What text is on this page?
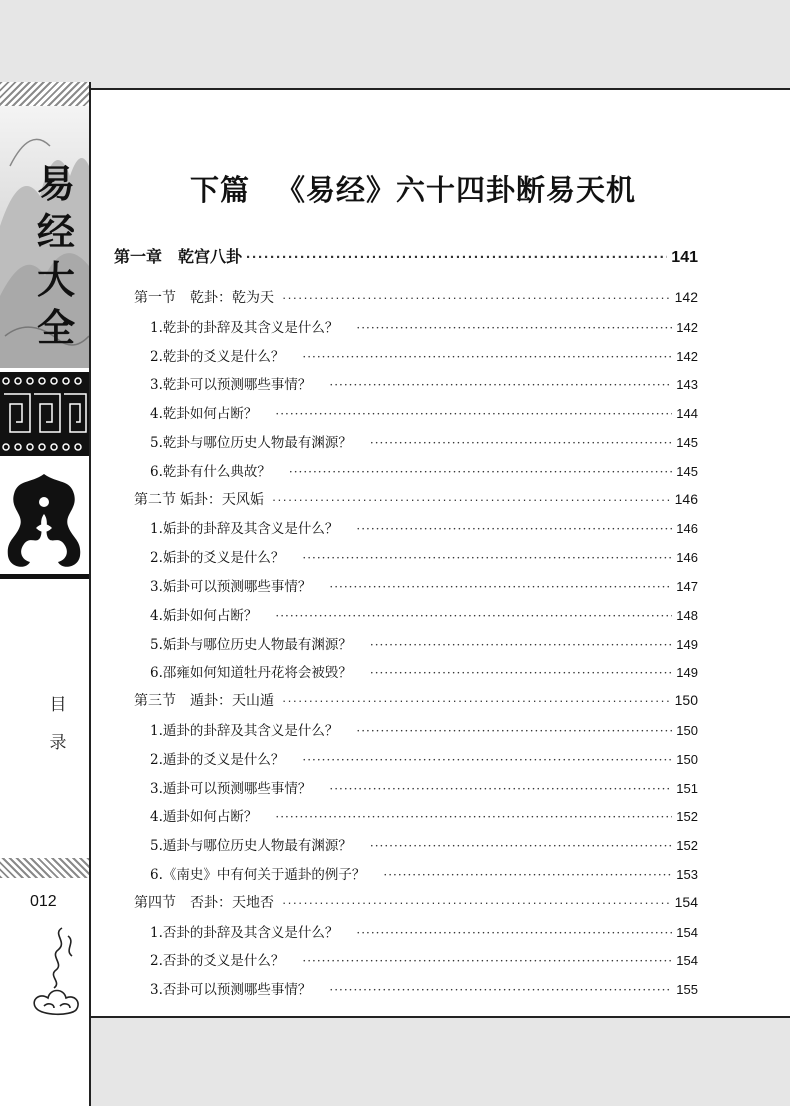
易
经
大
全
目
录
012
下篇 《易经》六十四卦断易天机
第一章　乾宫八卦 ·····	141
第一节　乾卦：乾为天 ·····	142
1.乾卦的卦辞及其含义是什么？ ·····	142
2.乾卦的爻义是什么？ ·····	142
3.乾卦可以预测哪些事情？ ·····	143
4.乾卦如何占断？ ·····	144
5.乾卦与哪位历史人物最有渊源？ ·····	145
6.乾卦有什么典故？ ·····	145
第二节 姤卦：天风姤 ·····	146
1.姤卦的卦辞及其含义是什么？ ·····	146
2.姤卦的爻义是什么？ ·····	146
3.姤卦可以预测哪些事情？ ·····	147
4.姤卦如何占断？ ·····	148
5.姤卦与哪位历史人物最有渊源？ ·····	149
6.邵雍如何知道牡丹花将会被毁？ ·····	149
第三节　遁卦：天山遁 ·····	150
1.遁卦的卦辞及其含义是什么？ ·····	150
2.遁卦的爻义是什么？ ·····	150
3.遁卦可以预测哪些事情？ ·····	151
4.遁卦如何占断？ ·····	152
5.遁卦与哪位历史人物最有渊源？ ·····	152
6.《南史》中有何关于遁卦的例子？ ·····	153
第四节　否卦：天地否 ·····	154
1.否卦的卦辞及其含义是什么？ ·····	154
2.否卦的爻义是什么？ ·····	154
3.否卦可以预测哪些事情？ ·····	155
